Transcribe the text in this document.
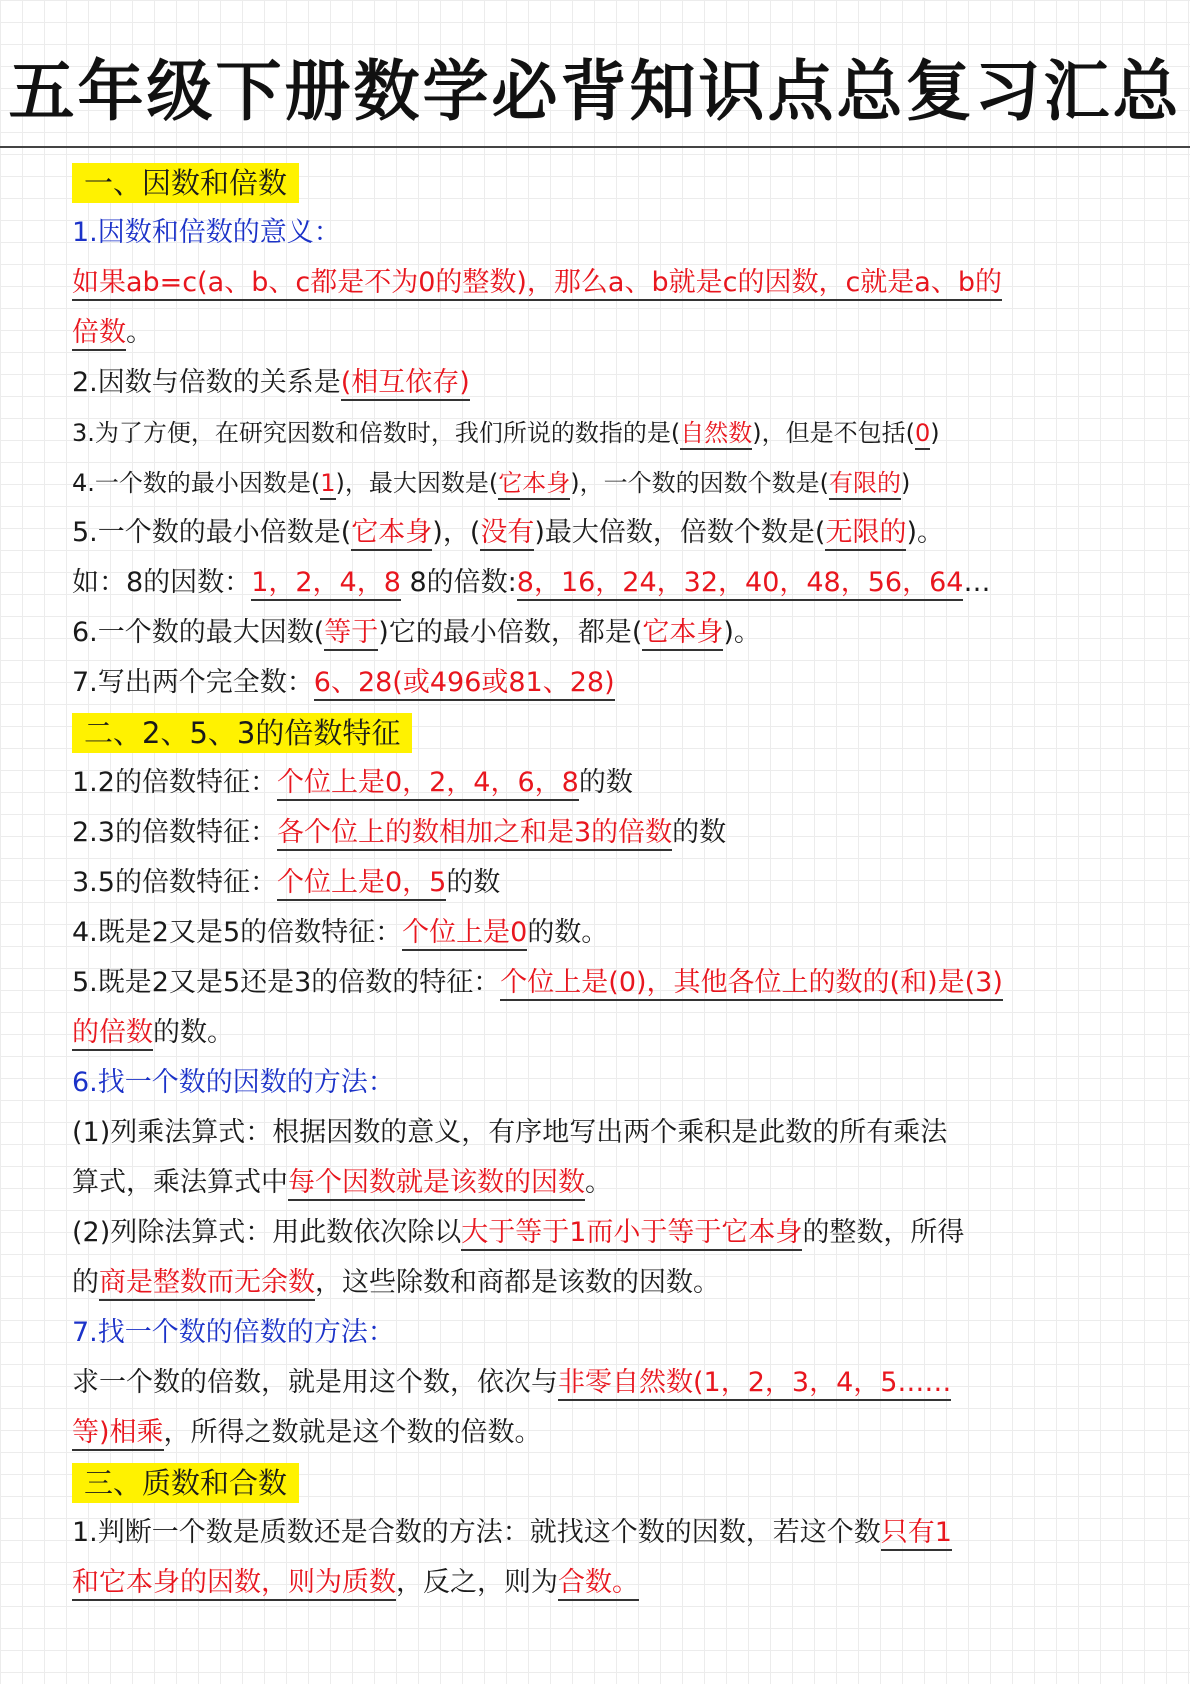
五年级下册数学必背知识点总复习汇总
一、因数和倍数
1.因数和倍数的意义：
如果ab=c(a、b、c都是不为0的整数)，那么a、b就是c的因数，c就是a、b的
倍数。
2.因数与倍数的关系是(相互依存)
3.为了方便，在研究因数和倍数时，我们所说的数指的是(自然数)，但是不包括(0)
4.一个数的最小因数是(1)，最大因数是(它本身)，一个数的因数个数是(有限的)
5.一个数的最小倍数是(它本身)，(没有)最大倍数，倍数个数是(无限的)。
如：8的因数：1，2，4，8 8的倍数:8，16，24，32，40，48，56，64…
6.一个数的最大因数(等于)它的最小倍数，都是(它本身)。
7.写出两个完全数：6、28(或496或81、28)
二、2、5、3的倍数特征
1.2的倍数特征：个位上是0，2，4，6，8的数
2.3的倍数特征：各个位上的数相加之和是3的倍数的数
3.5的倍数特征：个位上是0，5的数
4.既是2又是5的倍数特征：个位上是0的数。
5.既是2又是5还是3的倍数的特征：个位上是(0)，其他各位上的数的(和)是(3)
的倍数的数。
6.找一个数的因数的方法：
(1)列乘法算式：根据因数的意义，有序地写出两个乘积是此数的所有乘法
算式，乘法算式中每个因数就是该数的因数。
(2)列除法算式：用此数依次除以大于等于1而小于等于它本身的整数，所得
的商是整数而无余数，这些除数和商都是该数的因数。
7.找一个数的倍数的方法：
求一个数的倍数，就是用这个数，依次与非零自然数(1，2，3，4，5……
等)相乘，所得之数就是这个数的倍数。
三、质数和合数
1.判断一个数是质数还是合数的方法：就找这个数的因数，若这个数只有1
和它本身的因数，则为质数，反之，则为合数。
